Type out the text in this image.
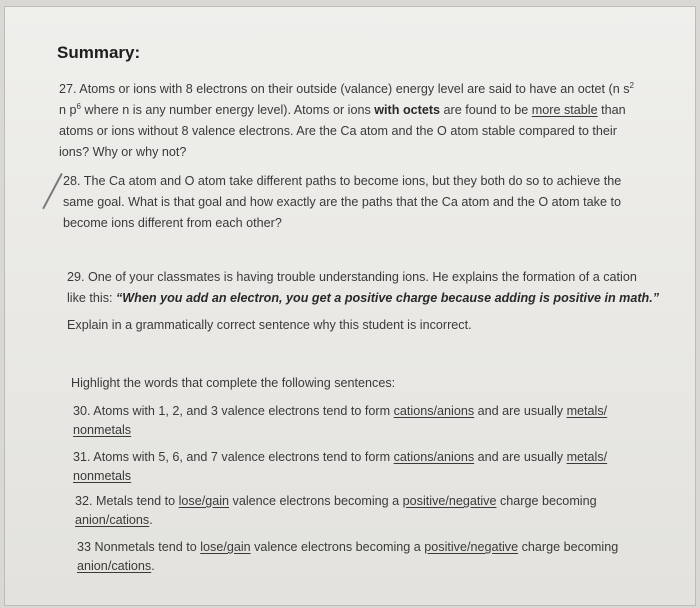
Summary:

27. Atoms or ions with 8 electrons on their outside (valance) energy level are said to have an octet (n $s^2$

n $p^6$ where n is any number energy level). Atoms or ions with octets are found to be more stable than

atoms or ions without 8 valence electrons. Are the Ca atom and the O atom stable compared to their

ions? Why or why not?

28. The Ca atom and O atom take different paths to become ions, but they both do so to achieve the

same goal. What is that goal and how exactly are the paths that the Ca atom and the O atom take to

become ions different from each other?

29. One of your classmates is having trouble understanding ions. He explains the formation of a cation

like this: “When you add an electron, you get a positive charge because adding is positive in math.”

Explain in a grammatically correct sentence why this student is incorrect.

Highlight the words that complete the following sentences:

30. Atoms with 1, 2, and 3 valence electrons tend to form cations/anions and are usually metals/

nonmetals

31. Atoms with 5, 6, and 7 valence electrons tend to form cations/anions and are usually metals/

nonmetals

32. Metals tend to lose/gain valence electrons becoming a positive/negative charge becoming

anion/cations.

33 Nonmetals tend to lose/gain valence electrons becoming a positive/negative charge becoming

anion/cations.
